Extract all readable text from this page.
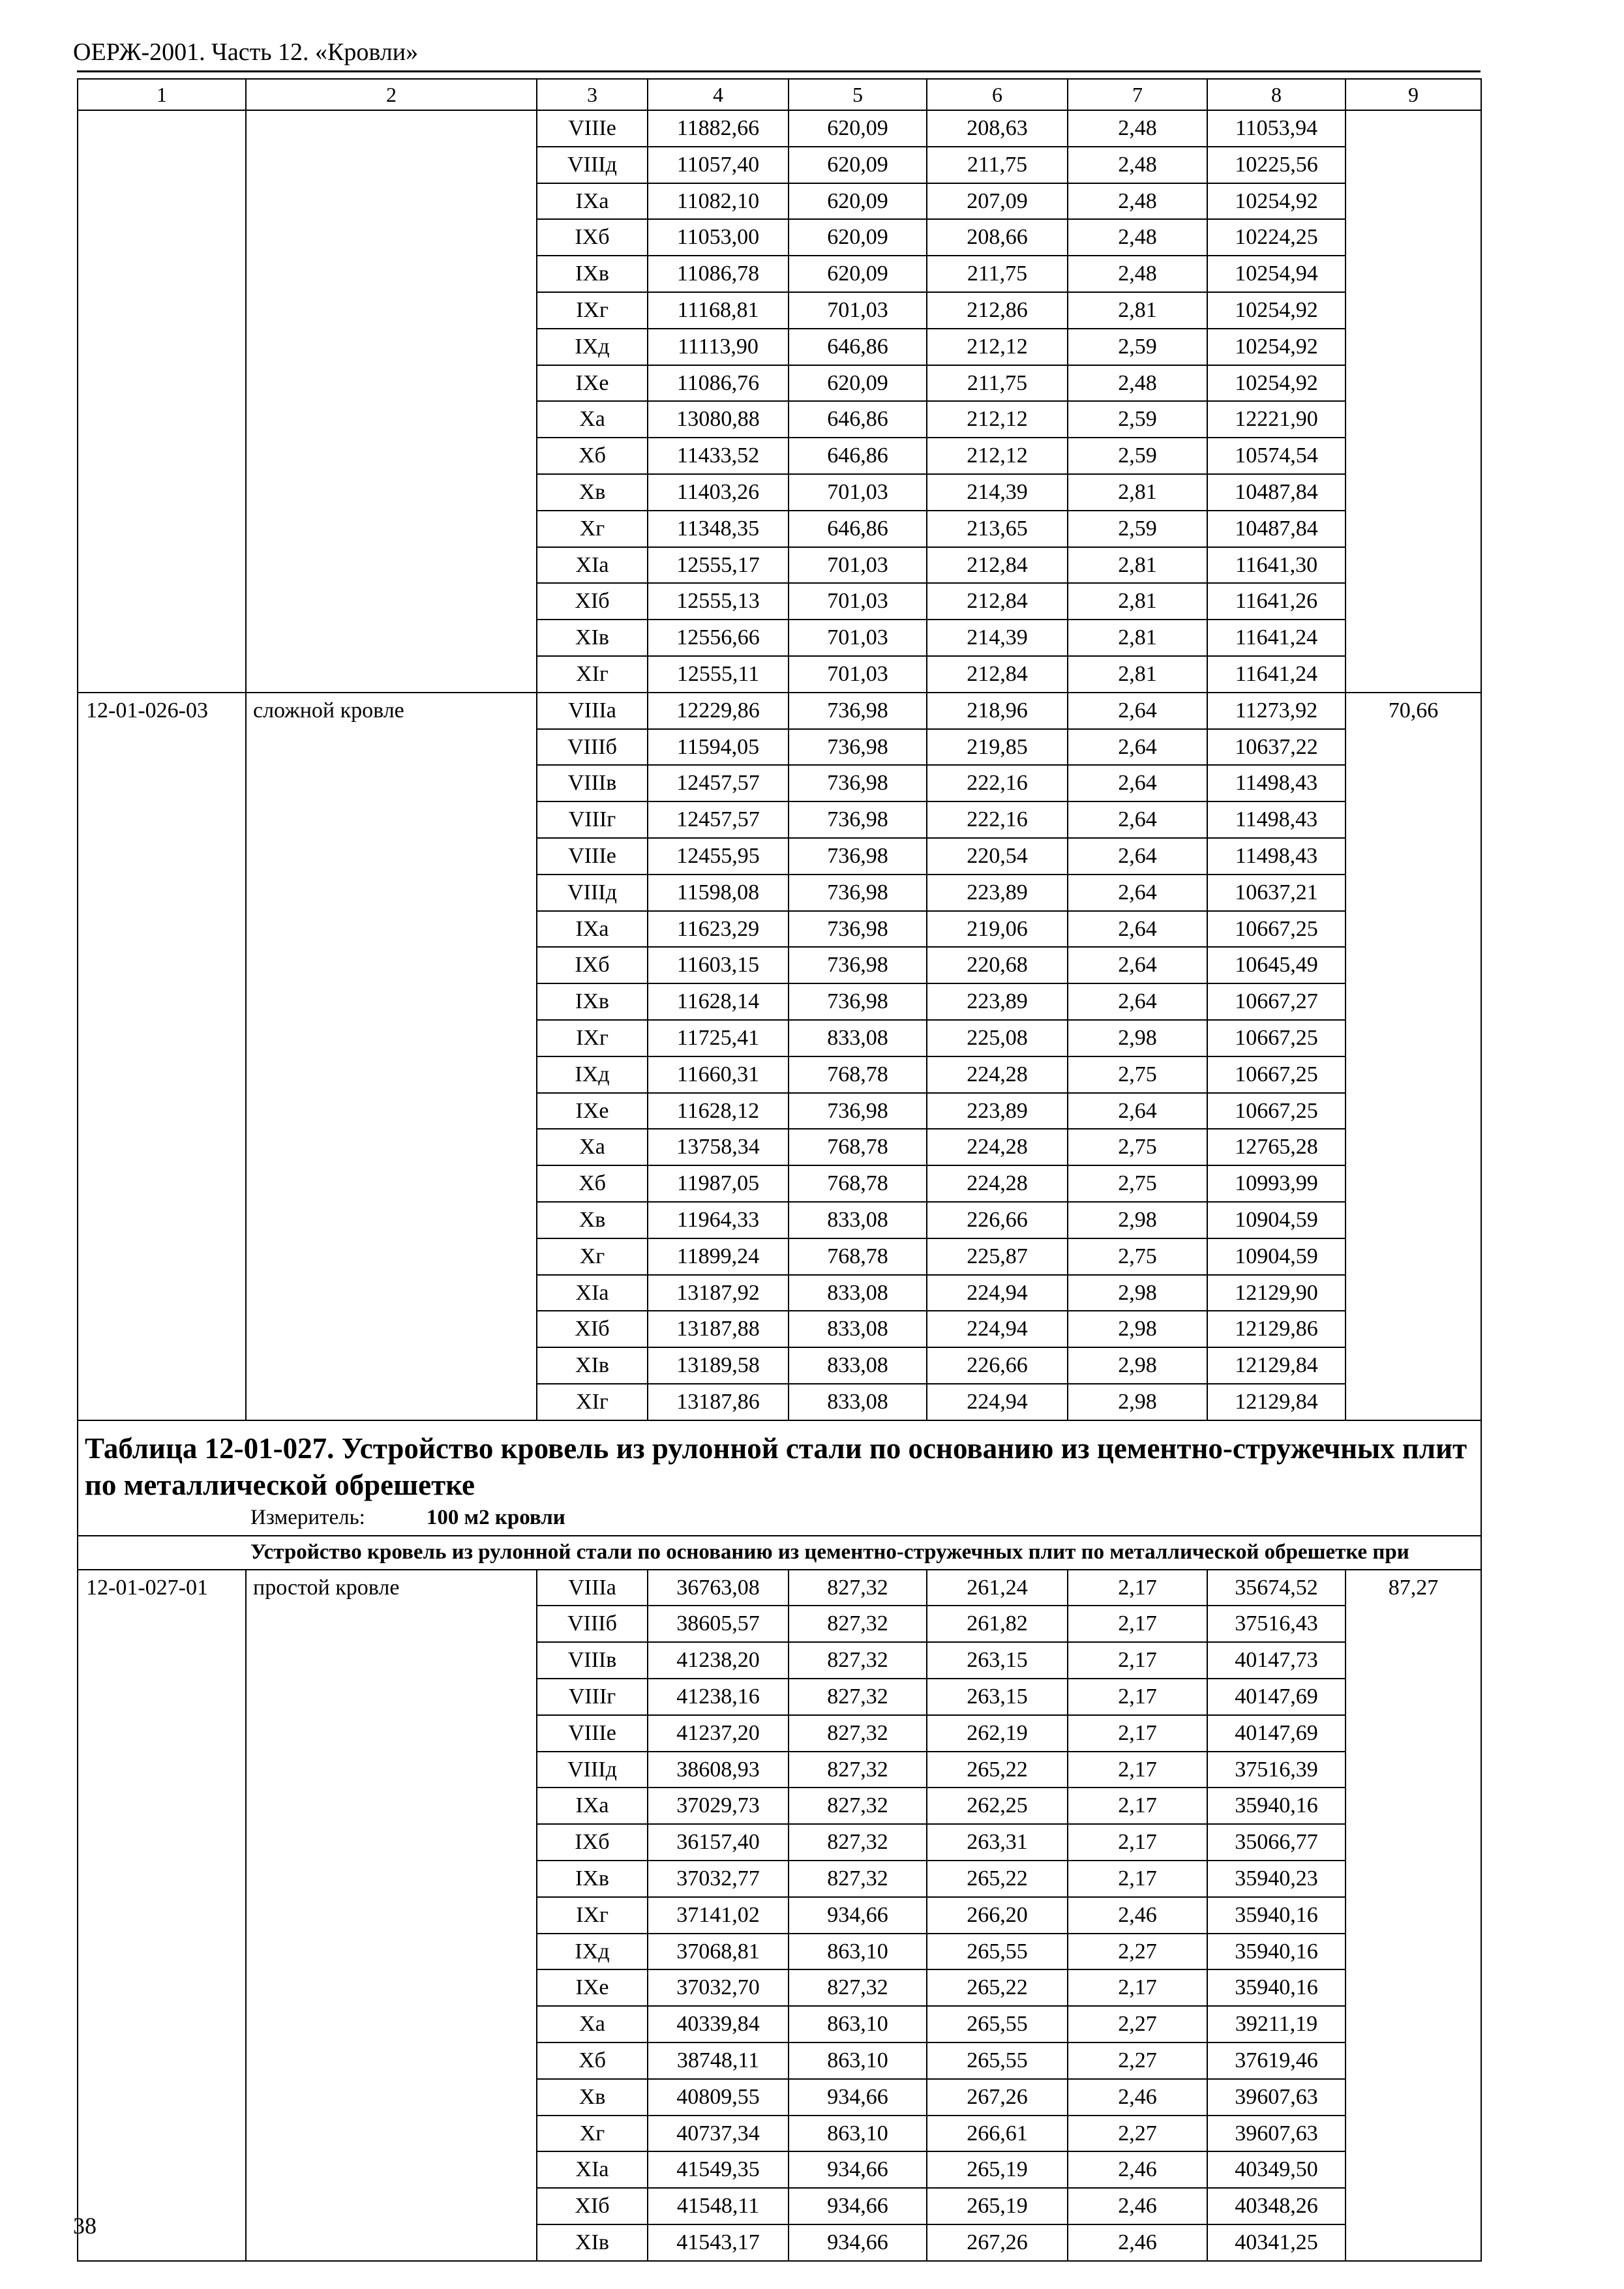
ОЕРЖ-2001. Часть 12. «Кровли»
1	2	3	4	5	6	7	8	9
		VIIIе	11882,66	620,09	208,63	2,48	11053,94	
		VIIIд	11057,40	620,09	211,75	2,48	10225,56	
		IXа	11082,10	620,09	207,09	2,48	10254,92	
		IXб	11053,00	620,09	208,66	2,48	10224,25	
		IXв	11086,78	620,09	211,75	2,48	10254,94	
		IXг	11168,81	701,03	212,86	2,81	10254,92	
		IXд	11113,90	646,86	212,12	2,59	10254,92	
		IXе	11086,76	620,09	211,75	2,48	10254,92	
		Xа	13080,88	646,86	212,12	2,59	12221,90	
		Xб	11433,52	646,86	212,12	2,59	10574,54	
		Xв	11403,26	701,03	214,39	2,81	10487,84	
		Xг	11348,35	646,86	213,65	2,59	10487,84	
		XIа	12555,17	701,03	212,84	2,81	11641,30	
		XIб	12555,13	701,03	212,84	2,81	11641,26	
		XIв	12556,66	701,03	214,39	2,81	11641,24	
		XIг	12555,11	701,03	212,84	2,81	11641,24	
12-01-026-03	сложной кровле	VIIIа	12229,86	736,98	218,96	2,64	11273,92	70,66
		VIIIб	11594,05	736,98	219,85	2,64	10637,22	
		VIIIв	12457,57	736,98	222,16	2,64	11498,43	
		VIIIг	12457,57	736,98	222,16	2,64	11498,43	
		VIIIе	12455,95	736,98	220,54	2,64	11498,43	
		VIIIд	11598,08	736,98	223,89	2,64	10637,21	
		IXа	11623,29	736,98	219,06	2,64	10667,25	
		IXб	11603,15	736,98	220,68	2,64	10645,49	
		IXв	11628,14	736,98	223,89	2,64	10667,27	
		IXг	11725,41	833,08	225,08	2,98	10667,25	
		IXд	11660,31	768,78	224,28	2,75	10667,25	
		IXе	11628,12	736,98	223,89	2,64	10667,25	
		Xа	13758,34	768,78	224,28	2,75	12765,28	
		Xб	11987,05	768,78	224,28	2,75	10993,99	
		Xв	11964,33	833,08	226,66	2,98	10904,59	
		Xг	11899,24	768,78	225,87	2,75	10904,59	
		XIа	13187,92	833,08	224,94	2,98	12129,90	
		XIб	13187,88	833,08	224,94	2,98	12129,86	
		XIв	13189,58	833,08	226,66	2,98	12129,84	
		XIг	13187,86	833,08	224,94	2,98	12129,84	

Таблица 12-01-027. Устройство кровель из рулонной стали по основанию из цементно-стружечных плит по металлической обрешетке
Измеритель: 100 м2 кровли								

Устройство кровель из рулонной стали по основанию из цементно-стружечных плит по металлической обрешетке при								

12-01-027-01	простой кровле	VIIIа	36763,08	827,32	261,24	2,17	35674,52	87,27
		VIIIб	38605,57	827,32	261,82	2,17	37516,43	
		VIIIв	41238,20	827,32	263,15	2,17	40147,73	
		VIIIг	41238,16	827,32	263,15	2,17	40147,69	
		VIIIе	41237,20	827,32	262,19	2,17	40147,69	
		VIIIд	38608,93	827,32	265,22	2,17	37516,39	
		IXа	37029,73	827,32	262,25	2,17	35940,16	
		IXб	36157,40	827,32	263,31	2,17	35066,77	
		IXв	37032,77	827,32	265,22	2,17	35940,23	
		IXг	37141,02	934,66	266,20	2,46	35940,16	
		IXд	37068,81	863,10	265,55	2,27	35940,16	
		IXе	37032,70	827,32	265,22	2,17	35940,16	
		Xа	40339,84	863,10	265,55	2,27	39211,19	
		Xб	38748,11	863,10	265,55	2,27	37619,46	
		Xв	40809,55	934,66	267,26	2,46	39607,63	
		Xг	40737,34	863,10	266,61	2,27	39607,63	
		XIа	41549,35	934,66	265,19	2,46	40349,50	
		XIб	41548,11	934,66	265,19	2,46	40348,26	
		XIв	41543,17	934,66	267,26	2,46	40341,25	
38
